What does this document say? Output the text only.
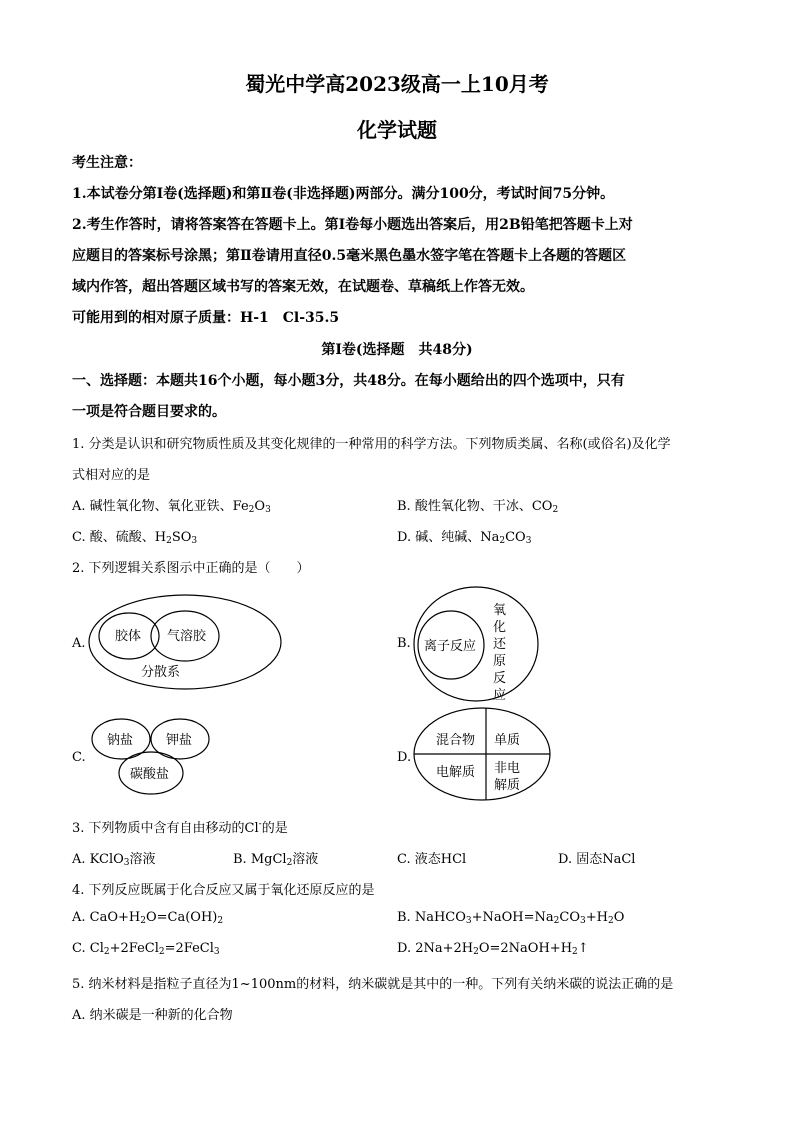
蜀光中学高2023级高一上10月考
化学试题
考生注意：
1.本试卷分第Ⅰ卷(选择题)和第Ⅱ卷(非选择题)两部分。满分100分，考试时间75分钟。
2.考生作答时，请将答案答在答题卡上。第Ⅰ卷每小题选出答案后，用2B铅笔把答题卡上对
应题目的答案标号涂黑；第Ⅱ卷请用直径0.5毫米黑色墨水签字笔在答题卡上各题的答题区
域内作答，超出答题区域书写的答案无效，在试题卷、草稿纸上作答无效。
可能用到的相对原子质量：H-1　Cl-35.5
第Ⅰ卷(选择题　共48分)
一、选择题：本题共16个小题，每小题3分，共48分。在每小题给出的四个选项中，只有
一项是符合题目要求的。
1. 分类是认识和研究物质性质及其变化规律的一种常用的科学方法。下列物质类属、名称(或俗名)及化学
式相对应的是
A. 碱性氧化物、氧化亚铁、$Fe_2O_3$	B. 酸性氧化物、干冰、$CO_2$
C. 酸、硫酸、$H_2SO_3$	D. 碱、纯碱、$Na_2CO_3$
2. 下列逻辑关系图示中正确的是（　　）
A. 胶体 气溶胶
分散系
B. 离子反应
氧
化
还
原
反
应
C.
钠盐	钾盐
碳酸盐
D.
混合物 单质
电解质 非电
解质
3. 下列物质中含有自由移动的Cl-的是
A. KClO$_3$溶液	B. MgCl$_2$溶液	C. 液态HCl	D. 固态NaCl
4. 下列反应既属于化合反应又属于氧化还原反应的是
A. $CaO+H_2O=Ca(OH)_2$	B. $NaHCO_3+NaOH=Na_2CO_3+H_2O$
C. $Cl_2+2FeCl_2=2FeCl_3$	D. $2Na+2H_2O=2NaOH+H_2↑$
5. 纳米材料是指粒子直径为1~100nm的材料，纳米碳就是其中的一种。下列有关纳米碳的说法正确的是
A. 纳米碳是一种新的化合物
